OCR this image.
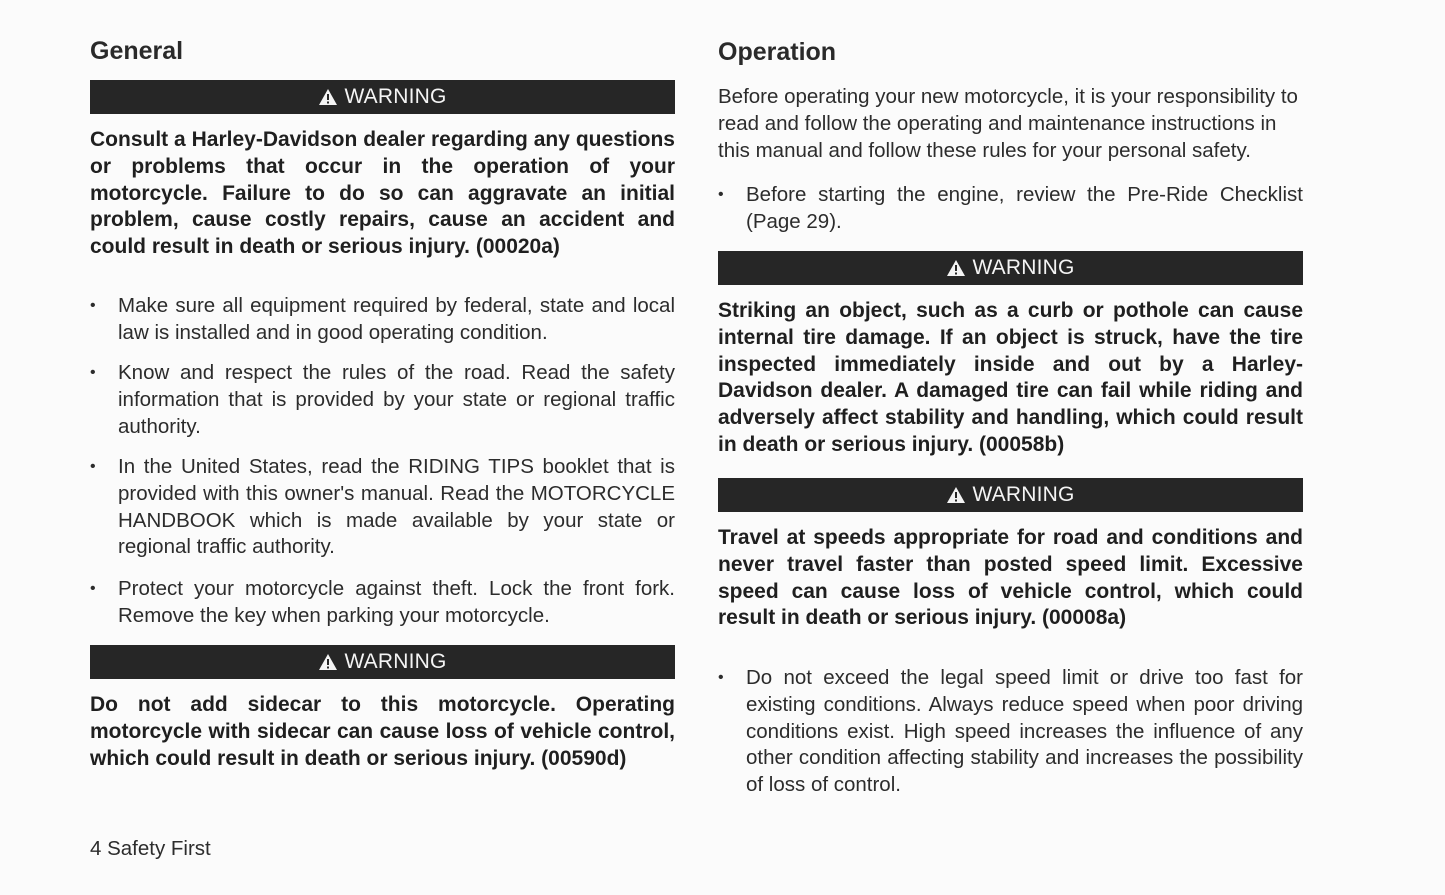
General
WARNING

Consult a Harley-Davidson dealer regarding any questions or problems that occur in the operation of your motorcycle. Failure to do so can aggravate an initial problem, cause costly repairs, cause an accident and could result in death or serious injury. (00020a)

•	Make sure all equipment required by federal, state and local law is installed and in good operating condition.
•	Know and respect the rules of the road. Read the safety information that is provided by your state or regional traffic authority.
•	In the United States, read the RIDING TIPS booklet that is provided with this owner's manual. Read the MOTORCYCLE HANDBOOK which is made available by your state or regional traffic authority.
•	Protect your motorcycle against theft. Lock the front fork. Remove the key when parking your motorcycle.
WARNING

Do not add sidecar to this motorcycle. Operating motorcycle with sidecar can cause loss of vehicle control, which could result in death or serious injury. (00590d)

Operation

Before operating your new motorcycle, it is your responsibility to read and follow the operating and maintenance instructions in this manual and follow these rules for your personal safety.

•	Before starting the engine, review the Pre-Ride Checklist (Page 29).
WARNING

Striking an object, such as a curb or pothole can cause internal tire damage. If an object is struck, have the tire inspected immediately inside and out by a Harley-Davidson dealer. A damaged tire can fail while riding and adversely affect stability and handling, which could result in death or serious injury. (00058b)

WARNING

Travel at speeds appropriate for road and conditions and never travel faster than posted speed limit. Excessive speed can cause loss of vehicle control, which could result in death or serious injury. (00008a)

•	Do not exceed the legal speed limit or drive too fast for existing conditions. Always reduce speed when poor driving conditions exist. High speed increases the influence of any other condition affecting stability and increases the possibility of loss of control.
4 Safety First
